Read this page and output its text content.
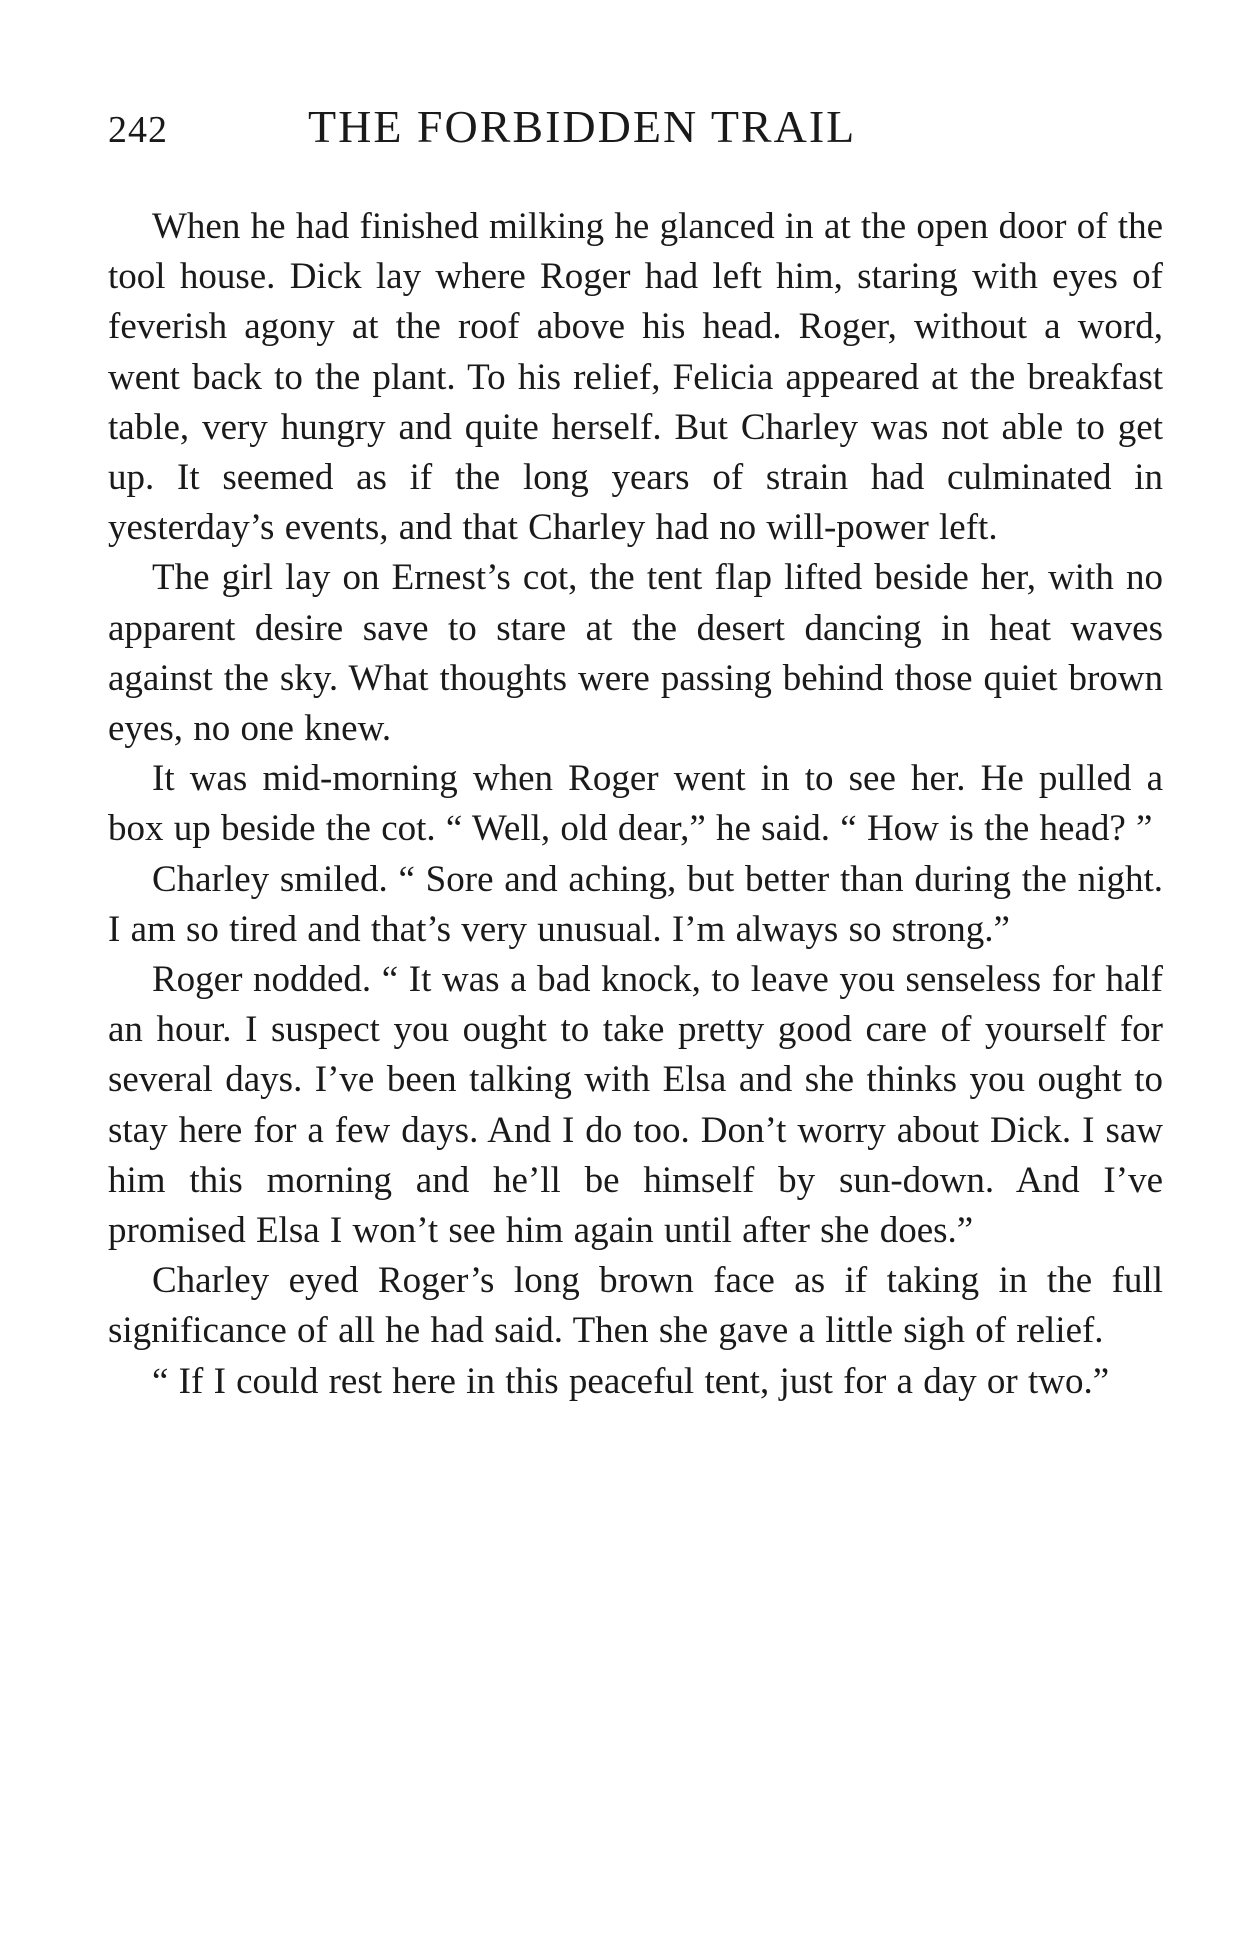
242	THE FORBIDDEN TRAIL

When he had finished milking he glanced in at the open door of the tool house. Dick lay where Roger had left him, staring with eyes of feverish agony at the roof above his head. Roger, without a word, went back to the plant. To his relief, Felicia appeared at the breakfast table, very hungry and quite herself. But Charley was not able to get up. It seemed as if the long years of strain had culminated in yesterday’s events, and that Charley had no will-power left.

The girl lay on Ernest’s cot, the tent flap lifted beside her, with no apparent desire save to stare at the desert dancing in heat waves against the sky. What thoughts were passing behind those quiet brown eyes, no one knew.

It was mid-morning when Roger went in to see her. He pulled a box up beside the cot. “ Well, old dear,” he said. “ How is the head? ”

Charley smiled. “ Sore and aching, but better than during the night. I am so tired and that’s very unusual. I’m always so strong.”

Roger nodded. “ It was a bad knock, to leave you senseless for half an hour. I suspect you ought to take pretty good care of yourself for several days. I’ve been talking with Elsa and she thinks you ought to stay here for a few days. And I do too. Don’t worry about Dick. I saw him this morning and he’ll be himself by sun-down. And I’ve promised Elsa I won’t see him again until after she does.”

Charley eyed Roger’s long brown face as if taking in the full significance of all he had said. Then she gave a little sigh of relief.

“ If I could rest here in this peaceful tent, just for a day or two.”
